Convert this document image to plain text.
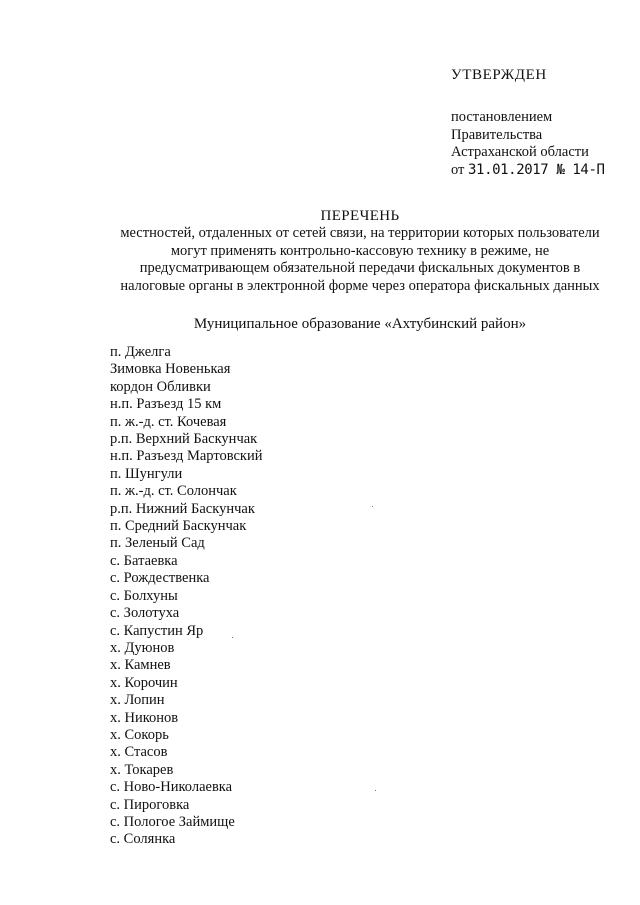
УТВЕРЖДЕН
постановлением
Правительства
Астраханской области
от 31.01.2017 № 14-П
ПЕРЕЧЕНЬ
местностей, отдаленных от сетей связи, на территории которых пользователи
могут применять контрольно-кассовую технику в режиме, не
предусматривающем обязательной передачи фискальных документов в
налоговые органы в электронной форме через оператора фискальных данных
Муниципальное образование «Ахтубинский район»
п. Джелга
Зимовка Новенькая
кордон Обливки
н.п. Разъезд 15 км
п. ж.-д. ст. Кочевая
р.п. Верхний Баскунчак
н.п. Разъезд Мартовский
п. Шунгули
п. ж.-д. ст. Солончак
р.п. Нижний Баскунчак
п. Средний Баскунчак
п. Зеленый Сад
с. Батаевка
с. Рождественка
с. Болхуны
с. Золотуха
с. Капустин Яр
х. Дуюнов
х. Камнев
х. Корочин
х. Лопин
х. Никонов
х. Сокорь
х. Стасов
х. Токарев
с. Ново-Николаевка
с. Пироговка
с. Пологое Займище
с. Солянка
